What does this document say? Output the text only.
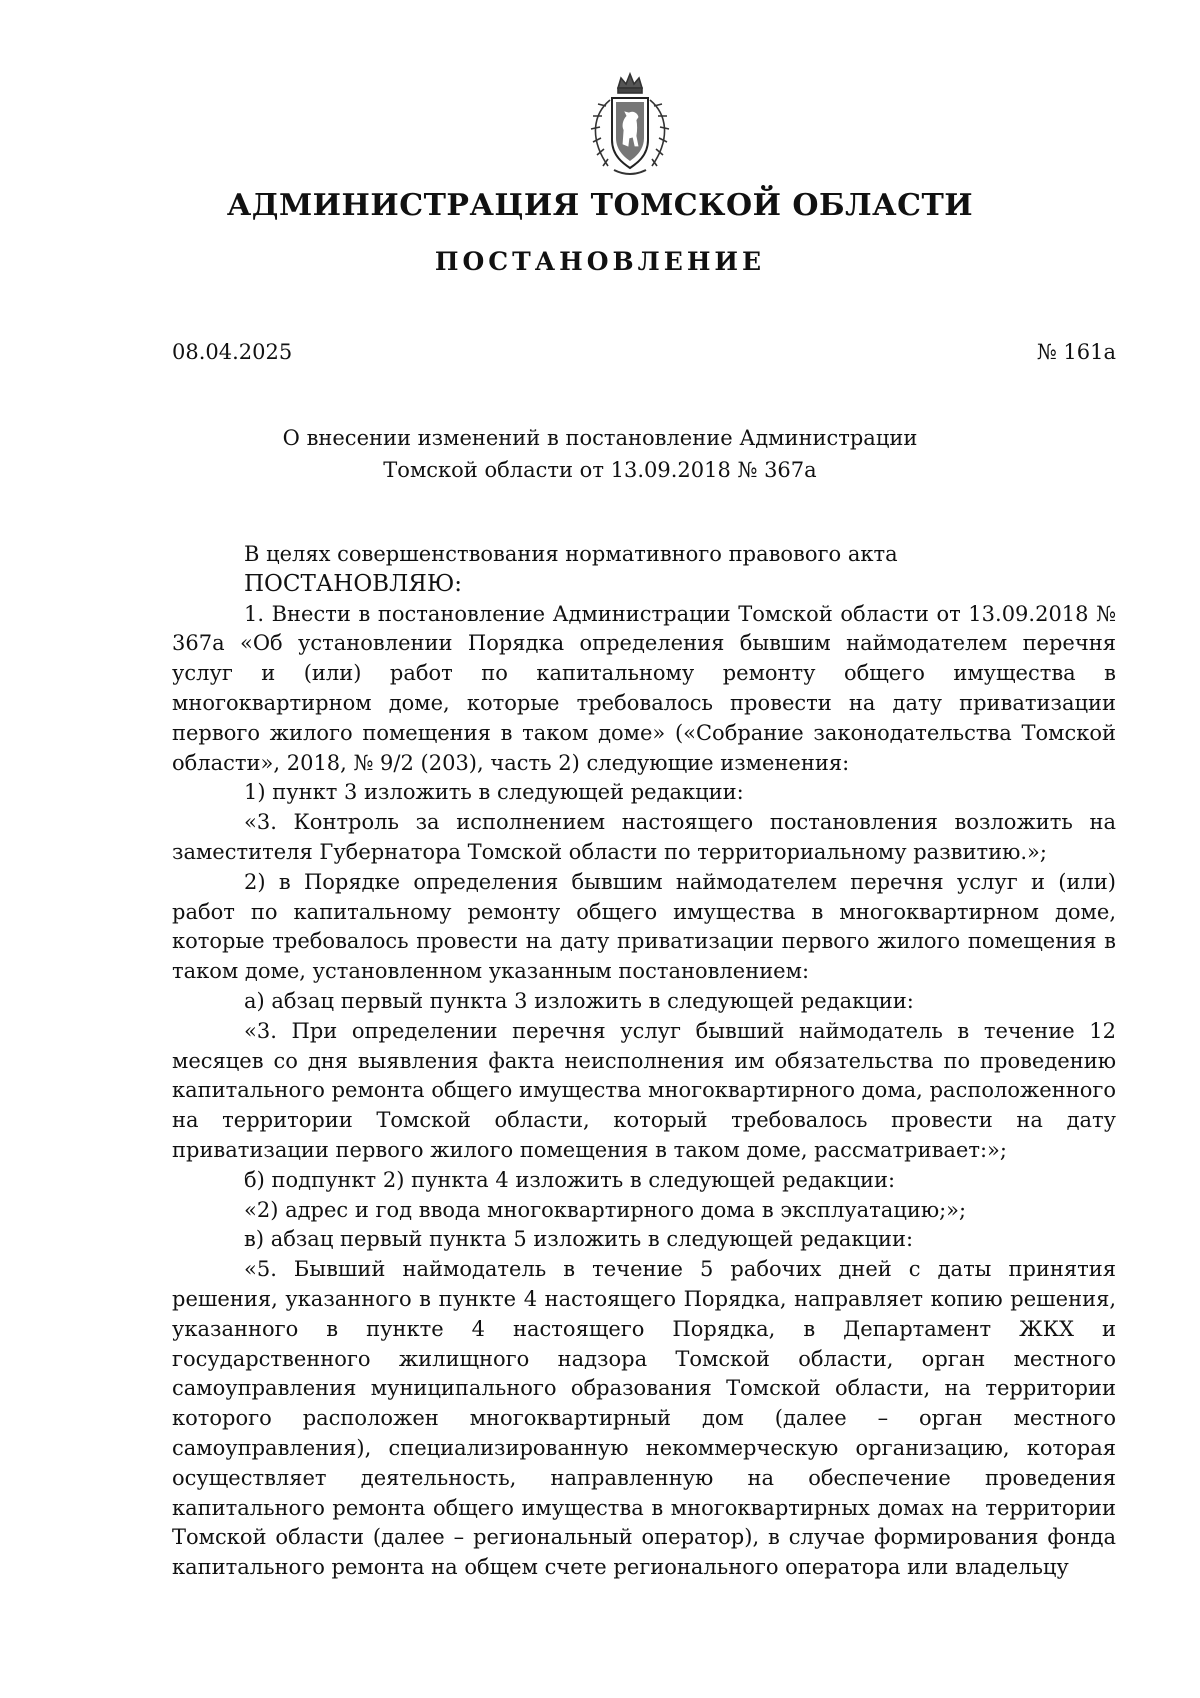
АДМИНИСТРАЦИЯ ТОМСКОЙ ОБЛАСТИ
ПОСТАНОВЛЕНИЕ
08.04.2025	№ 161а
О внесении изменений в постановление Администрации
Томской области от 13.09.2018 № 367а

В целях совершенствования нормативного правового акта

ПОСТАНОВЛЯЮ:

1. Внести в постановление Администрации Томской области от 13.09.2018 № 367а «Об установлении Порядка определения бывшим наймодателем перечня услуг и (или) работ по капитальному ремонту общего имущества в многоквартирном доме, которые требовалось провести на дату приватизации первого жилого помещения в таком доме» («Собрание законодательства Томской области», 2018, № 9/2 (203), часть 2) следующие изменения:

1) пункт 3 изложить в следующей редакции:

«3. Контроль за исполнением настоящего постановления возложить на заместителя Губернатора Томской области по территориальному развитию.»;

2) в Порядке определения бывшим наймодателем перечня услуг и (или) работ по капитальному ремонту общего имущества в многоквартирном доме, которые требовалось провести на дату приватизации первого жилого помещения в таком доме, установленном указанным постановлением:

а) абзац первый пункта 3 изложить в следующей редакции:

«3. При определении перечня услуг бывший наймодатель в течение 12 месяцев со дня выявления факта неисполнения им обязательства по проведению капитального ремонта общего имущества многоквартирного дома, расположенного на территории Томской области, который требовалось провести на дату приватизации первого жилого помещения в таком доме, рассматривает:»;

б) подпункт 2) пункта 4 изложить в следующей редакции:

«2) адрес и год ввода многоквартирного дома в эксплуатацию;»;

в) абзац первый пункта 5 изложить в следующей редакции:

«5. Бывший наймодатель в течение 5 рабочих дней с даты принятия решения, указанного в пункте 4 настоящего Порядка, направляет копию решения, указанного в пункте 4 настоящего Порядка, в Департамент ЖКХ и государственного жилищного надзора Томской области, орган местного самоуправления муниципального образования Томской области, на территории которого расположен многоквартирный дом (далее – орган местного самоуправления), специализированную некоммерческую организацию, которая осуществляет деятельность, направленную на обеспечение проведения капитального ремонта общего имущества в многоквартирных домах на территории Томской области (далее – региональный оператор), в случае формирования фонда капитального ремонта на общем счете регионального оператора или владельцу
